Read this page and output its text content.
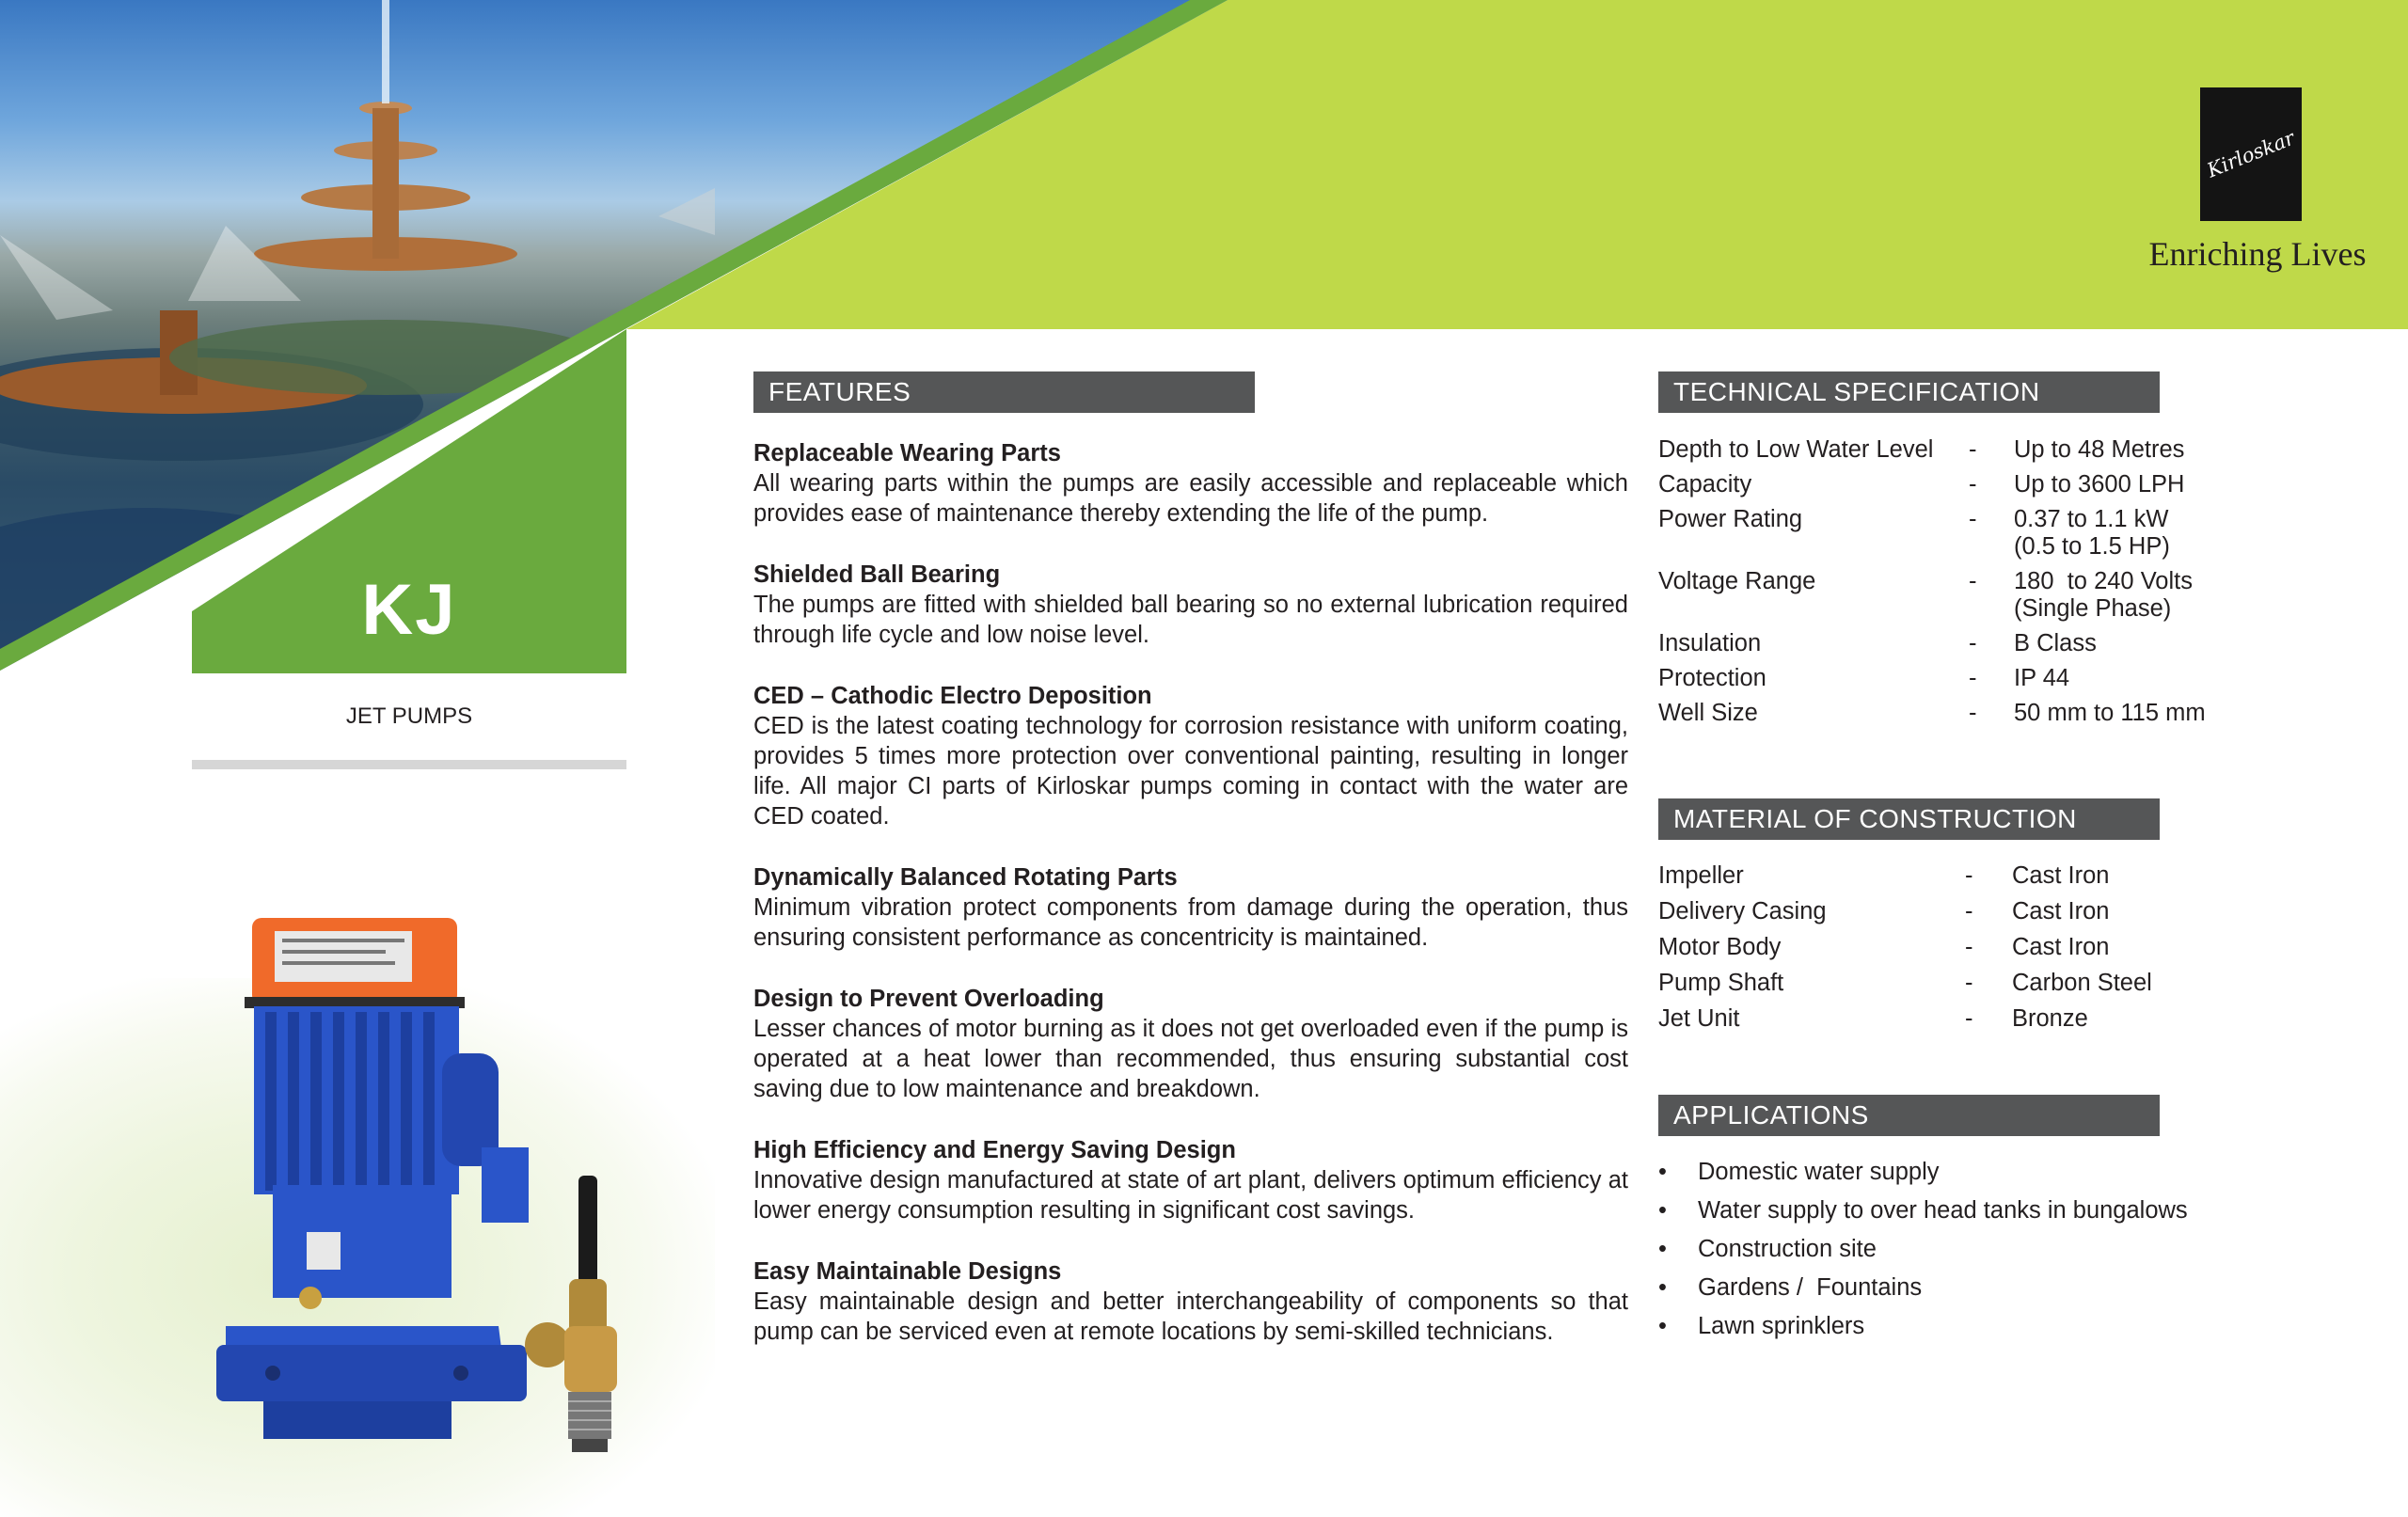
KJ
JET PUMPS
Kirloskar
Enriching Lives
FEATURES
Replaceable Wearing Parts
All wearing parts within the pumps are easily accessible and replaceable which provides ease of maintenance thereby extending the life of the pump.
Shielded Ball Bearing
The pumps are fitted with shielded ball bearing so no external lubrication required through life cycle and low noise level.
CED – Cathodic Electro Deposition
CED is the latest coating technology for corrosion resistance with uniform coating, provides 5 times more protection over conventional painting, resulting in longer life. All major CI parts of Kirloskar pumps coming in contact with the water are CED coated.
Dynamically Balanced Rotating Parts
Minimum vibration protect components from damage during the operation, thus ensuring consistent performance as concentricity is maintained.
Design to Prevent Overloading
Lesser chances of motor burning as it does not get overloaded even if the pump is operated at a heat lower than recommended, thus ensuring substantial cost saving due to low maintenance and breakdown.
High Efficiency and Energy Saving Design
Innovative design manufactured at state of art plant, delivers optimum efficiency at lower energy consumption resulting in significant cost savings.
Easy Maintainable Designs
Easy maintainable design and better interchangeability of components so that pump can be serviced even at remote locations by semi-skilled technicians.
TECHNICAL SPECIFICATION
Depth to Low Water Level	-	Up to 48 Metres
Capacity	-	Up to 3600 LPH
Power Rating	-	0.37 to 1.1 kW
(0.5 to 1.5 HP)
Voltage Range	-	180  to 240 Volts
(Single Phase)
Insulation	-	B Class
Protection	-	IP 44
Well Size	-	50 mm to 115 mm
MATERIAL OF CONSTRUCTION
Impeller	-	Cast Iron
Delivery Casing	-	Cast Iron
Motor Body	-	Cast Iron
Pump Shaft	-	Carbon Steel
Jet Unit	-	Bronze
APPLICATIONS
•	Domestic water supply
•	Water supply to over head tanks in bungalows
•	Construction site
•	Gardens /  Fountains
•	Lawn sprinklers
